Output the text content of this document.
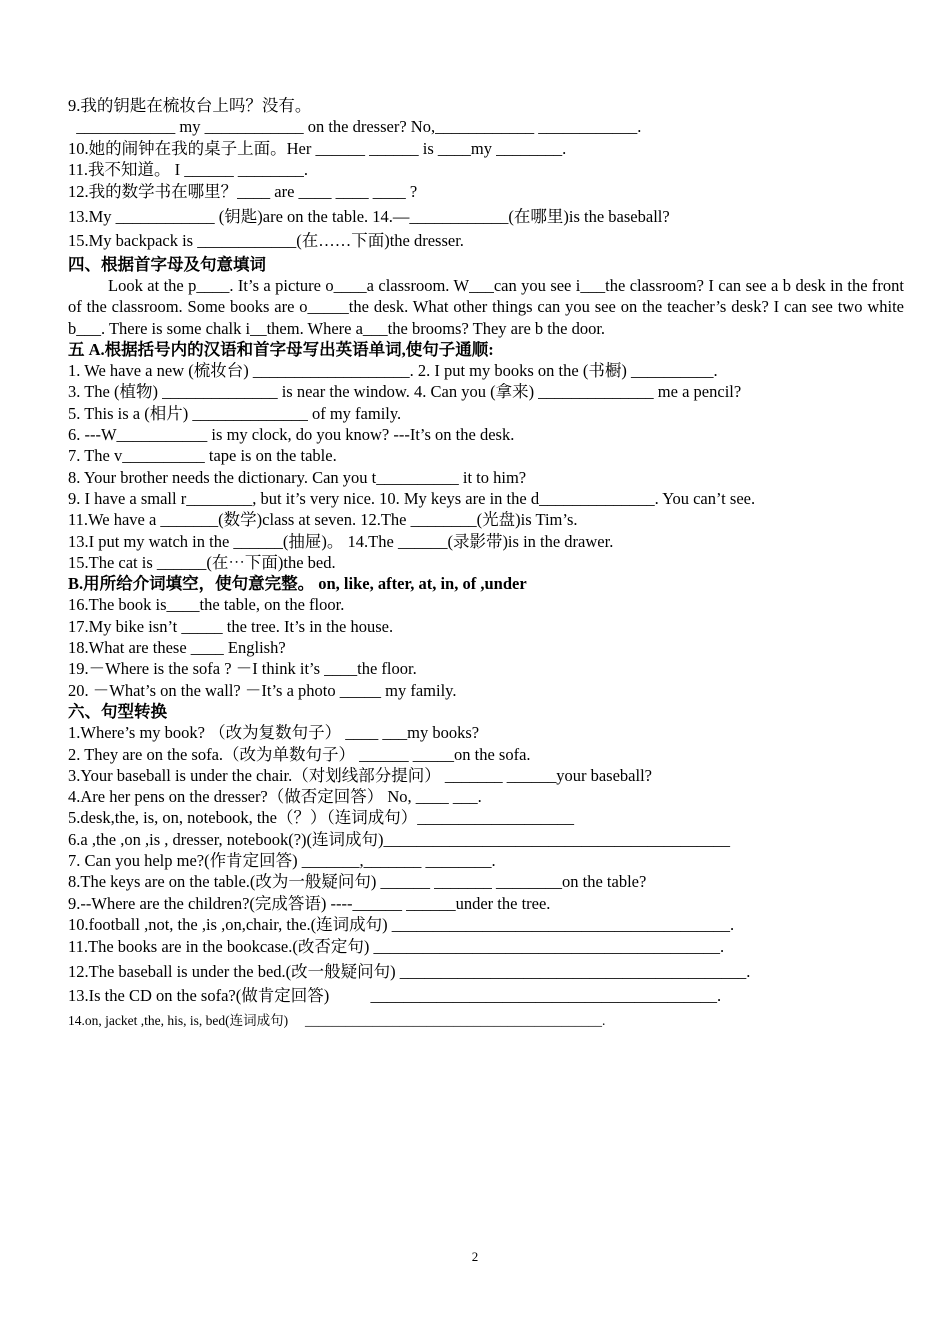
9.我的钥匙在梳妆台上吗？没有。
____________ my ____________ on the dresser? No,____________ ____________.
10.她的闹钟在我的桌子上面。Her ______ ______ is ____my ________.
11.我不知道。 I ______ ________.
12.我的数学书在哪里？____ are ____ ____ ____ ?
13.My ____________ (钥匙)are on the table. 14.—____________(在哪里)is the baseball?
15.My backpack is ____________(在……下面)the dresser.
四、根据首字母及句意填词
Look at the p____. It’s a picture o____a classroom. W___can you see i___the classroom? I can see a b desk in the front of the classroom. Some books are o_____the desk. What other things can you see on the teacher’s desk? I can see two white b___. There is some chalk i__them. Where a___the brooms? They are b the door.
五 A.根据括号内的汉语和首字母写出英语单词,使句子通顺:
1. We have a new (梳妆台) ___________________. 2. I put my books on the (书橱) __________.
3. The (植物) ______________ is near the window. 4. Can you (拿来) ______________ me a pencil?
5. This is a (相片) ______________ of my family.
6. ---W___________ is my clock, do you know? ---It’s on the desk.
7. The v__________ tape is on the table.
8. Your brother needs the dictionary. Can you t__________ it to him?
9. I have a small r________, but it’s very nice. 10. My keys are in the d______________. You can’t see.
11.We have a _______(数学)class at seven. 12.The ________(光盘)is Tim’s.
13.I put my watch in the ______(抽屉)。 14.The ______(录影带)is in the drawer.
15.The cat is ______(在⋯下面)the bed.
B.用所给介词填空，使句意完整。 on, like, after, at, in, of ,under
16.The book is____the table, on the floor.
17.My bike isn’t _____ the tree. It’s in the house.
18.What are these ____ English?
19.－Where is the sofa ? －I think it’s ____the floor.
20. －What’s on the wall? －It’s a photo _____ my family.
六、句型转换
1.Where’s my book? （改为复数句子） ____ ___my books?
2. They are on the sofa.（改为单数句子） ______ _____on the sofa.
3.Your baseball is under the chair.（对划线部分提问） _______ ______your baseball?
4.Are her pens on the dresser?（做否定回答） No, ____ ___.
5.desk,the, is, on, notebook, the（？）（连词成句）___________________
6.a ,the ,on ,is , dresser, notebook(?)(连词成句)__________________________________________
7. Can you help me?(作肯定回答) _______,_______ ________.
8.The keys are on the table.(改为一般疑问句) ______ _______ ________on the table?
9.--Where are the children?(完成答语) ----______ ______under the tree.
10.football ,not, the ,is ,on,chair, the.(连词成句) _________________________________________.
11.The books are in the bookcase.(改否定句) __________________________________________.
12.The baseball is under the bed.(改一般疑问句) __________________________________________.
13.Is the CD on the sofa?(做肯定回答)          __________________________________________.
14.on, jacket ,the, his, is, bed(连词成句)     ____________________________________________.
2
